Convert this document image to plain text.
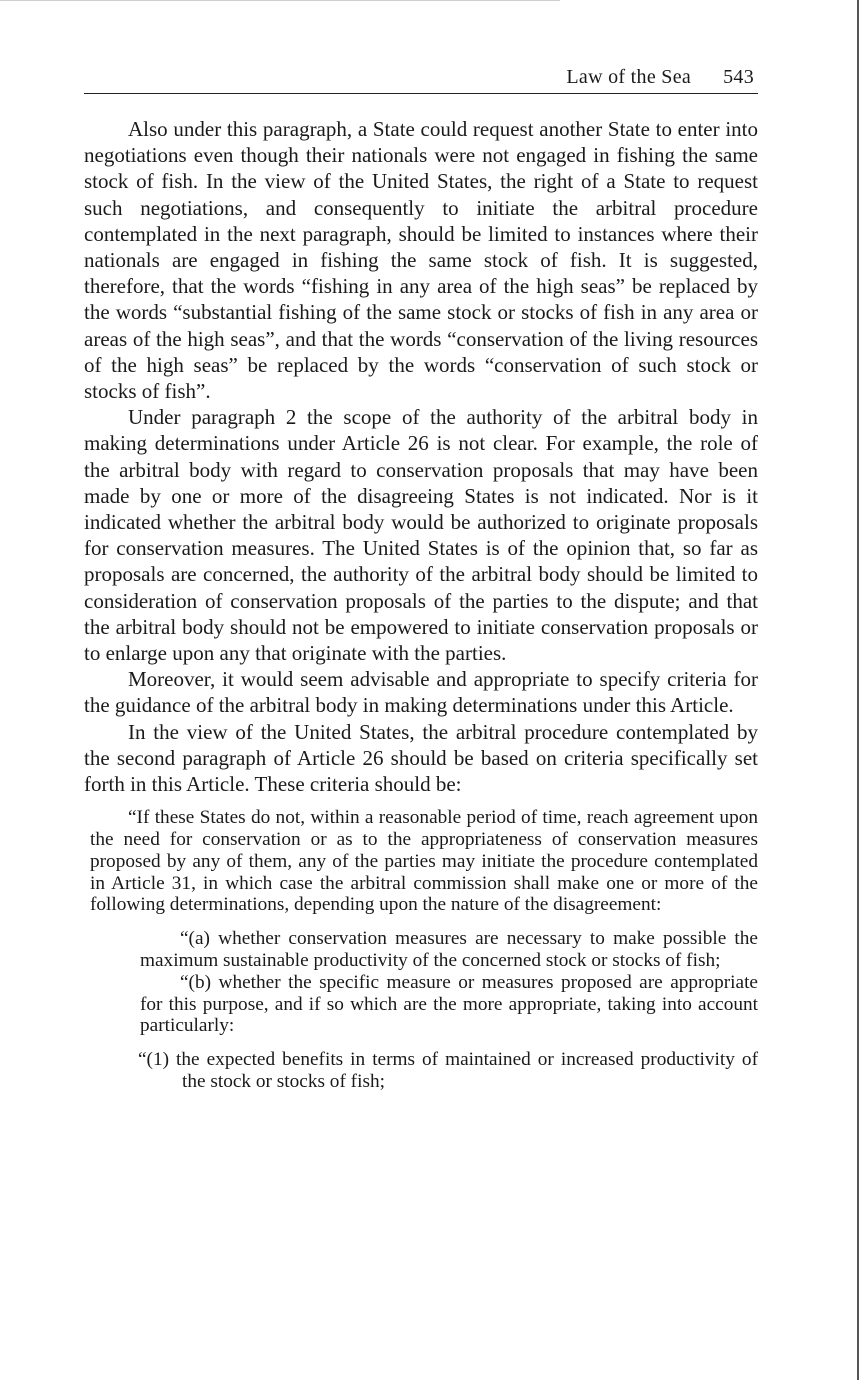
Law of the Sea 543

Also under this paragraph, a State could request another State to enter into negotiations even though their nationals were not engaged in fishing the same stock of fish. In the view of the United States, the right of a State to request such negotiations, and consequently to initiate the arbitral procedure contemplated in the next paragraph, should be limited to instances where their nationals are engaged in fishing the same stock of fish. It is suggested, therefore, that the words “fishing in any area of the high seas” be replaced by the words “substantial fishing of the same stock or stocks of fish in any area or areas of the high seas”, and that the words “conservation of the living resources of the high seas” be replaced by the words “conservation of such stock or stocks of fish”.

Under paragraph 2 the scope of the authority of the arbitral body in making determinations under Article 26 is not clear. For example, the role of the arbitral body with regard to conservation proposals that may have been made by one or more of the disagreeing States is not indicated. Nor is it indicated whether the arbitral body would be authorized to originate proposals for conservation measures. The United States is of the opinion that, so far as proposals are concerned, the authority of the arbitral body should be limited to consideration of conservation proposals of the parties to the dispute; and that the arbitral body should not be empowered to initiate conservation proposals or to enlarge upon any that originate with the parties.

Moreover, it would seem advisable and appropriate to specify criteria for the guidance of the arbitral body in making determinations under this Article.

In the view of the United States, the arbitral procedure contemplated by the second paragraph of Article 26 should be based on criteria specifically set forth in this Article. These criteria should be:

“If these States do not, within a reasonable period of time, reach agreement upon the need for conservation or as to the appropriateness of conservation measures proposed by any of them, any of the parties may initiate the procedure contemplated in Article 31, in which case the arbitral commission shall make one or more of the following determinations, depending upon the nature of the disagreement:

“(a) whether conservation measures are necessary to make possible the maximum sustainable productivity of the concerned stock or stocks of fish;

“(b) whether the specific measure or measures proposed are appropriate for this purpose, and if so which are the more appropriate, taking into account particularly:

“(1) the expected benefits in terms of maintained or increased productivity of the stock or stocks of fish;
